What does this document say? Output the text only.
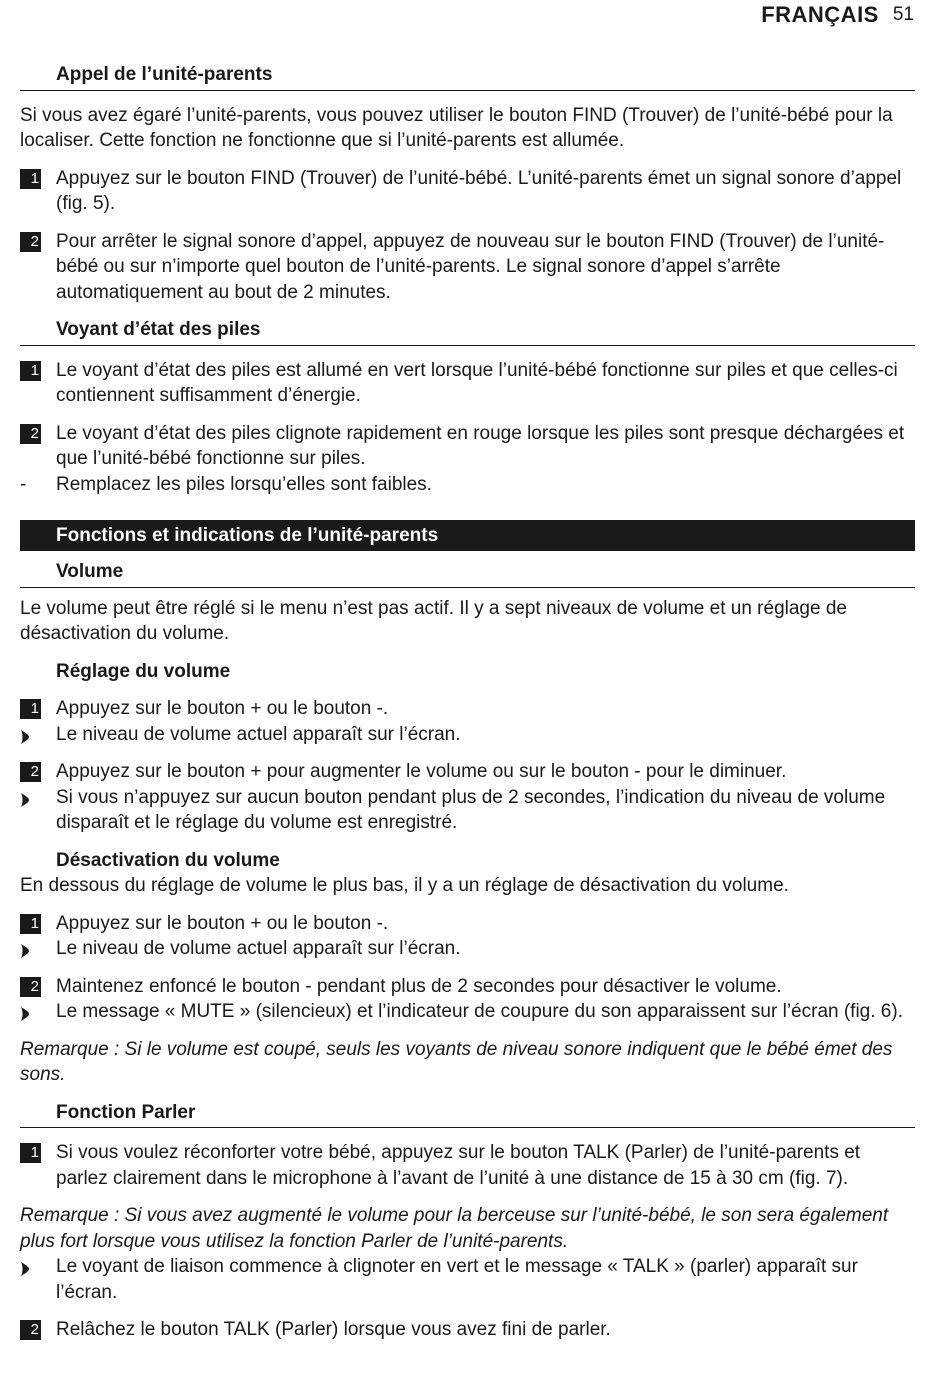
FRANÇAIS 51
Appel de l’unité-parents

Si vous avez égaré l’unité-parents, vous pouvez utiliser le bouton FIND (Trouver) de l’unité-bébé pour la localiser. Cette fonction ne fonctionne que si l’unité-parents est allumée.

1 Appuyez sur le bouton FIND (Trouver) de l’unité-bébé. L’unité-parents émet un signal sonore d’appel (fig. 5).
2 Pour arrêter le signal sonore d’appel, appuyez de nouveau sur le bouton FIND (Trouver) de l’unité-bébé ou sur n’importe quel bouton de l’unité-parents. Le signal sonore d’appel s’arrête automatiquement au bout de 2 minutes.
Voyant d’état des piles
1 Le voyant d’état des piles est allumé en vert lorsque l’unité-bébé fonctionne sur piles et que celles-ci contiennent suffisamment d’énergie.
2 Le voyant d’état des piles clignote rapidement en rouge lorsque les piles sont presque déchargées et que l’unité-bébé fonctionne sur piles.
-	Remplacez les piles lorsqu’elles sont faibles.
Fonctions et indications de l’unité-parents
Volume

Le volume peut être réglé si le menu n’est pas actif. Il y a sept niveaux de volume et un réglage de désactivation du volume.

Réglage du volume
1 Appuyez sur le bouton + ou le bouton -.
Le niveau de volume actuel apparaît sur l’écran.
2 Appuyez sur le bouton + pour augmenter le volume ou sur le bouton - pour le diminuer.
Si vous n’appuyez sur aucun bouton pendant plus de 2 secondes, l’indication du niveau de volume disparaît et le réglage du volume est enregistré.
Désactivation du volume

En dessous du réglage de volume le plus bas, il y a un réglage de désactivation du volume.

1 Appuyez sur le bouton + ou le bouton -.
Le niveau de volume actuel apparaît sur l’écran.
2 Maintenez enfoncé le bouton - pendant plus de 2 secondes pour désactiver le volume.
Le message « MUTE » (silencieux) et l’indicateur de coupure du son apparaissent sur l’écran (fig. 6).

Remarque : Si le volume est coupé, seuls les voyants de niveau sonore indiquent que le bébé émet des sons.

Fonction Parler
1 Si vous voulez réconforter votre bébé, appuyez sur le bouton TALK (Parler) de l’unité-parents et parlez clairement dans le microphone à l’avant de l’unité à une distance de 15 à 30 cm (fig. 7).

Remarque : Si vous avez augmenté le volume pour la berceuse sur l’unité-bébé, le son sera également plus fort lorsque vous utilisez la fonction Parler de l’unité-parents.

Le voyant de liaison commence à clignoter en vert et le message « TALK » (parler) apparaît sur l’écran.
2 Relâchez le bouton TALK (Parler) lorsque vous avez fini de parler.
